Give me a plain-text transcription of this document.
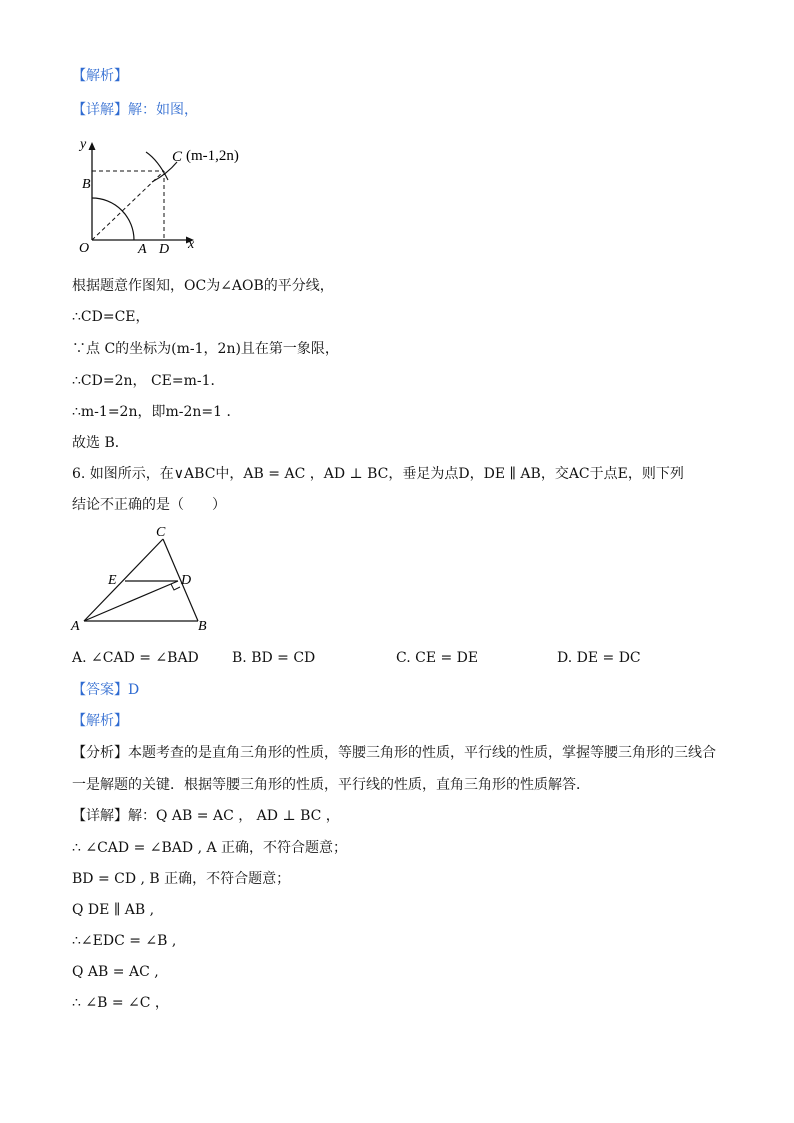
【解析】
【详解】解：如图，
y
B
O	A D x
C (m-1,2n)
根据题意作图知，OC为∠AOB的平分线，
∴CD=CE，
∵点 C的坐标为(m-1，2n)且在第一象限，
∴CD=2n， CE=m-1．
∴m-1=2n，即m-2n=1 ．
故选 B．
6. 如图所示，在∨ABC中，AB = AC ，AD ⊥ BC，垂足为点D，DE ∥ AB，交AC于点E，则下列
结论不正确的是（　　）
C
E	D
A	B
A. ∠CAD = ∠BAD B. BD = CD	C. CE = DE	D. DE = DC
【答案】D
【解析】
【分析】本题考查的是直角三角形的性质，等腰三角形的性质，平行线的性质，掌握等腰三角形的三线合
一是解题的关键．根据等腰三角形的性质，平行线的性质，直角三角形的性质解答．
【详解】解：Q AB = AC ， AD ⊥ BC ，
∴ ∠CAD = ∠BAD , A 正确，不符合题意；
BD = CD , B 正确，不符合题意；
Q DE ∥ AB ,
∴∠EDC = ∠B ,
Q AB = AC ,
∴ ∠B = ∠C ，
